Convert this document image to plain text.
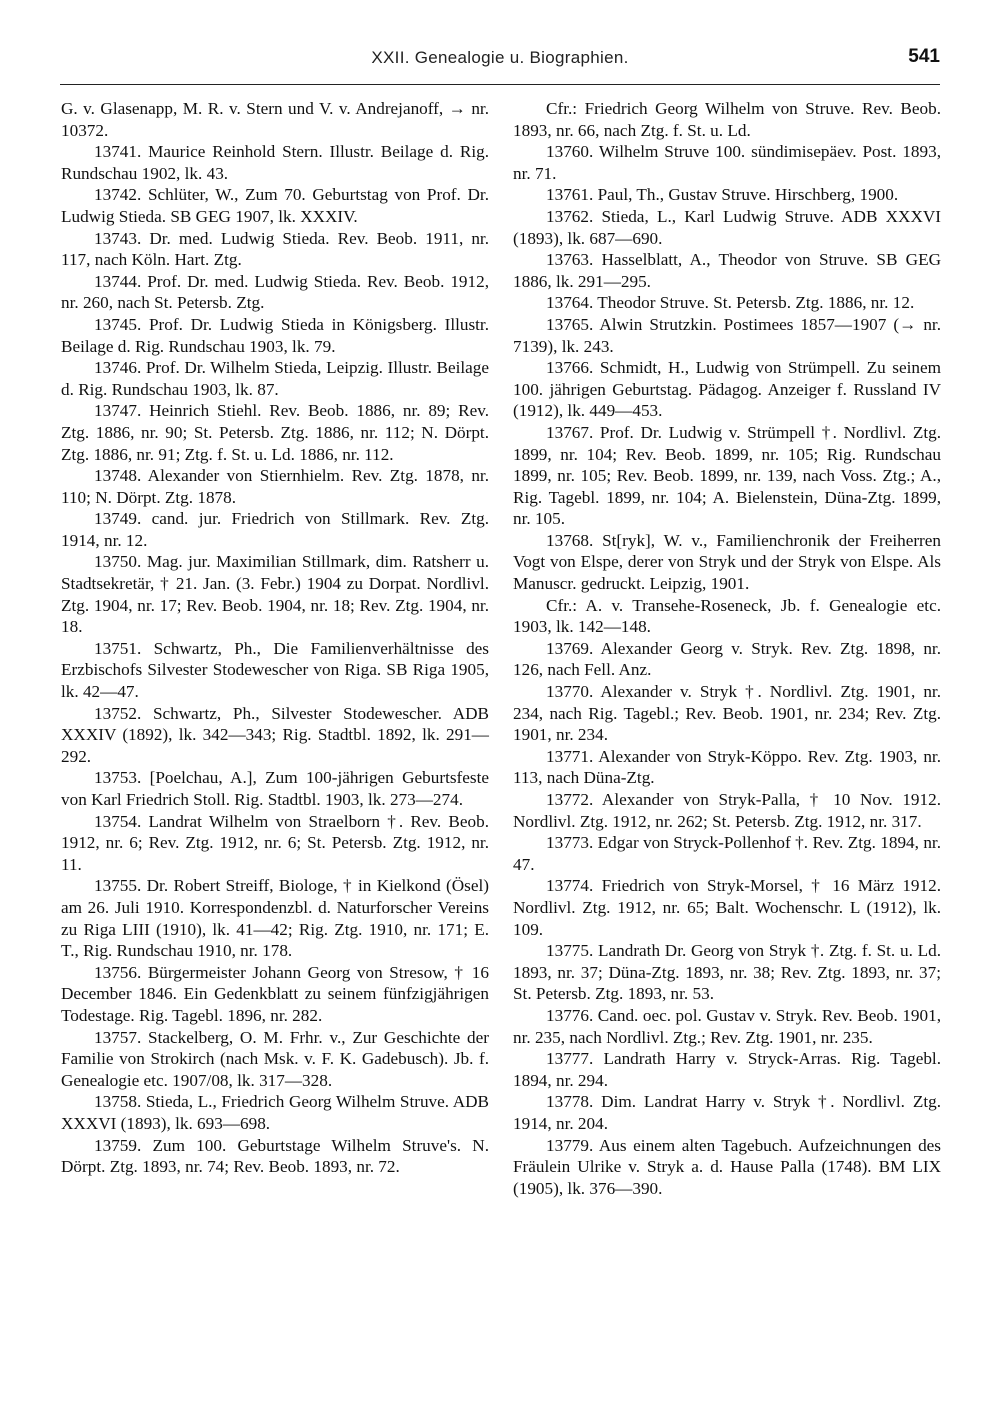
XXII. Genealogie u. Biographien.	541

G. v. Glasenapp, M. R. v. Stern und V. v. Andrejanoff, → nr. 10372.

13741. Maurice Reinhold Stern. Illustr. Beilage d. Rig. Rundschau 1902, lk. 43.

13742. Schlüter, W., Zum 70. Geburtstag von Prof. Dr. Ludwig Stieda. SB GEG 1907, lk. XXXIV.

13743. Dr. med. Ludwig Stieda. Rev. Beob. 1911, nr. 117, nach Köln. Hart. Ztg.

13744. Prof. Dr. med. Ludwig Stieda. Rev. Beob. 1912, nr. 260, nach St. Petersb. Ztg.

13745. Prof. Dr. Ludwig Stieda in Königsberg. Illustr. Beilage d. Rig. Rundschau 1903, lk. 79.

13746. Prof. Dr. Wilhelm Stieda, Leipzig. Illustr. Beilage d. Rig. Rundschau 1903, lk. 87.

13747. Heinrich Stiehl. Rev. Beob. 1886, nr. 89; Rev. Ztg. 1886, nr. 90; St. Petersb. Ztg. 1886, nr. 112; N. Dörpt. Ztg. 1886, nr. 91; Ztg. f. St. u. Ld. 1886, nr. 112.

13748. Alexander von Stiernhielm. Rev. Ztg. 1878, nr. 110; N. Dörpt. Ztg. 1878.

13749. cand. jur. Friedrich von Stillmark. Rev. Ztg. 1914, nr. 12.

13750. Mag. jur. Maximilian Stillmark, dim. Ratsherr u. Stadtsekretär, † 21. Jan. (3. Febr.) 1904 zu Dorpat. Nordlivl. Ztg. 1904, nr. 17; Rev. Beob. 1904, nr. 18; Rev. Ztg. 1904, nr. 18.

13751. Schwartz, Ph., Die Familienverhältnisse des Erzbischofs Silvester Stodewescher von Riga. SB Riga 1905, lk. 42—47.

13752. Schwartz, Ph., Silvester Stodewescher. ADB XXXIV (1892), lk. 342—343; Rig. Stadtbl. 1892, lk. 291—292.

13753. [Poelchau, A.], Zum 100-jährigen Geburtsfeste von Karl Friedrich Stoll. Rig. Stadtbl. 1903, lk. 273—274.

13754. Landrat Wilhelm von Straelborn †. Rev. Beob. 1912, nr. 6; Rev. Ztg. 1912, nr. 6; St. Petersb. Ztg. 1912, nr. 11.

13755. Dr. Robert Streiff, Biologe, † in Kielkond (Ösel) am 26. Juli 1910. Korrespondenzbl. d. Naturforscher Vereins zu Riga LIII (1910), lk. 41—42; Rig. Ztg. 1910, nr. 171; E. T., Rig. Rundschau 1910, nr. 178.

13756. Bürgermeister Johann Georg von Stresow, † 16 December 1846. Ein Gedenkblatt zu seinem fünfzigjährigen Todestage. Rig. Tagebl. 1896, nr. 282.

13757. Stackelberg, O. M. Frhr. v., Zur Geschichte der Familie von Strokirch (nach Msk. v. F. K. Gadebusch). Jb. f. Genealogie etc. 1907/08, lk. 317—328.

13758. Stieda, L., Friedrich Georg Wilhelm Struve. ADB XXXVI (1893), lk. 693—698.

13759. Zum 100. Geburtstage Wilhelm Struve's. N. Dörpt. Ztg. 1893, nr. 74; Rev. Beob. 1893, nr. 72.

Cfr.: Friedrich Georg Wilhelm von Struve. Rev. Beob. 1893, nr. 66, nach Ztg. f. St. u. Ld.

13760. Wilhelm Struve 100. sündimisepäev. Post. 1893, nr. 71.

13761. Paul, Th., Gustav Struve. Hirschberg, 1900.

13762. Stieda, L., Karl Ludwig Struve. ADB XXXVI (1893), lk. 687—690.

13763. Hasselblatt, A., Theodor von Struve. SB GEG 1886, lk. 291—295.

13764. Theodor Struve. St. Petersb. Ztg. 1886, nr. 12.

13765. Alwin Strutzkin. Postimees 1857—1907 (→ nr. 7139), lk. 243.

13766. Schmidt, H., Ludwig von Strümpell. Zu seinem 100. jährigen Geburtstag. Pädagog. Anzeiger f. Russland IV (1912), lk. 449—453.

13767. Prof. Dr. Ludwig v. Strümpell †. Nordlivl. Ztg. 1899, nr. 104; Rev. Beob. 1899, nr. 105; Rig. Rundschau 1899, nr. 105; Rev. Beob. 1899, nr. 139, nach Voss. Ztg.; A., Rig. Tagebl. 1899, nr. 104; A. Bielenstein, Düna-Ztg. 1899, nr. 105.

13768. St[ryk], W. v., Familienchronik der Freiherren Vogt von Elspe, derer von Stryk und der Stryk von Elspe. Als Manuscr. gedruckt. Leipzig, 1901.

Cfr.: A. v. Transehe-Roseneck, Jb. f. Genealogie etc. 1903, lk. 142—148.

13769. Alexander Georg v. Stryk. Rev. Ztg. 1898, nr. 126, nach Fell. Anz.

13770. Alexander v. Stryk †. Nordlivl. Ztg. 1901, nr. 234, nach Rig. Tagebl.; Rev. Beob. 1901, nr. 234; Rev. Ztg. 1901, nr. 234.

13771. Alexander von Stryk-Köppo. Rev. Ztg. 1903, nr. 113, nach Düna-Ztg.

13772. Alexander von Stryk-Palla, † 10 Nov. 1912. Nordlivl. Ztg. 1912, nr. 262; St. Petersb. Ztg. 1912, nr. 317.

13773. Edgar von Stryck-Pollenhof †. Rev. Ztg. 1894, nr. 47.

13774. Friedrich von Stryk-Morsel, † 16 März 1912. Nordlivl. Ztg. 1912, nr. 65; Balt. Wochenschr. L (1912), lk. 109.

13775. Landrath Dr. Georg von Stryk †. Ztg. f. St. u. Ld. 1893, nr. 37; Düna-Ztg. 1893, nr. 38; Rev. Ztg. 1893, nr. 37; St. Petersb. Ztg. 1893, nr. 53.

13776. Cand. oec. pol. Gustav v. Stryk. Rev. Beob. 1901, nr. 235, nach Nordlivl. Ztg.; Rev. Ztg. 1901, nr. 235.

13777. Landrath Harry v. Stryck-Arras. Rig. Tagebl. 1894, nr. 294.

13778. Dim. Landrat Harry v. Stryk †. Nordlivl. Ztg. 1914, nr. 204.

13779. Aus einem alten Tagebuch. Aufzeichnungen des Fräulein Ulrike v. Stryk a. d. Hause Palla (1748). BM LIX (1905), lk. 376—390.
